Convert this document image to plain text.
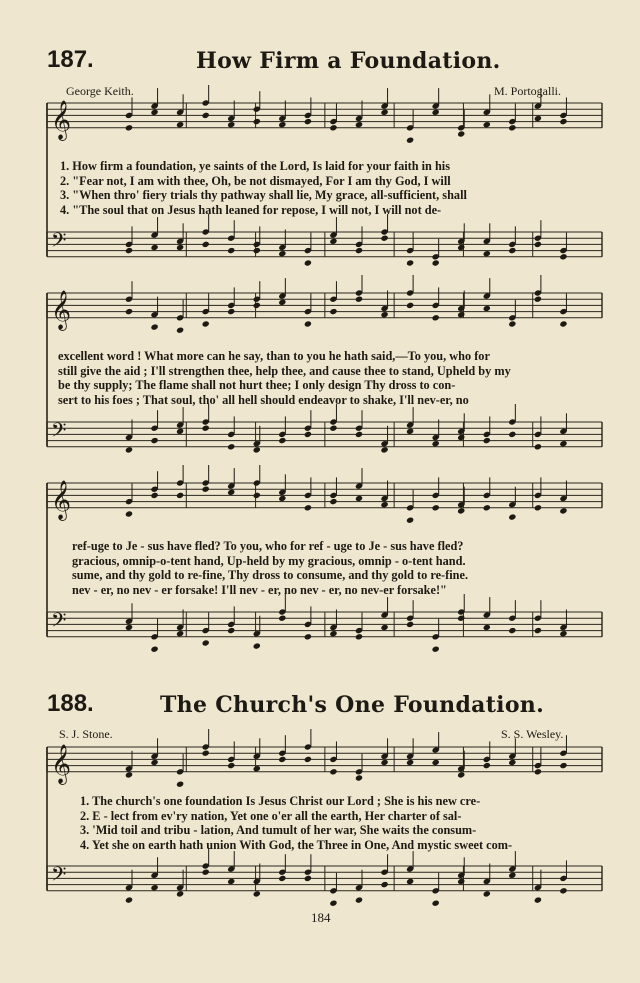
𝄞
𝄢
𝄞
𝄢
𝄞
𝄢
𝄞
𝄢
187.	How Firm a Foundation.
George Keith.	M. Portogalli.
1. How firm a foundation, ye saints of the Lord, Is laid for your faith in his
2. "Fear not, I am with thee, Oh, be not dismayed, For I am thy God, I will
3. "When thro' fiery trials thy pathway shall lie, My grace, all-sufficient, shall
4. "The soul that on Jesus hath leaned for repose, I will not, I will not de-
excellent word ! What more can he say, than to you he hath said,—To you, who for
still give the aid ; I'll strengthen thee, help thee, and cause thee to stand, Upheld by my
be thy supply; The flame shall not hurt thee; I only design Thy dross to con-
sert to his foes ; That soul, tho' all hell should endeavor to shake, I'll nev-er, no
ref-uge to Je - sus have fled? To you, who for ref - uge to Je - sus have fled?
gracious, omnip-o-tent hand, Up-held by my gracious, omnip - o-tent hand.
sume, and thy gold to re-fine, Thy dross to consume, and thy gold to re-fine.
nev - er, no nev - er forsake! I'll nev - er, no nev - er, no nev-er forsake!"
188.	The Church's One Foundation.
S. J. Stone.	S. S. Wesley.
1. The church's one foundation Is Jesus Christ our Lord ; She is his new cre-
2. E - lect from ev'ry nation, Yet one o'er all the earth, Her charter of sal-
3. 'Mid toil and tribu - lation, And tumult of her war, She waits the consum-
4. Yet she on earth hath union With God, the Three in One, And mystic sweet com-
184
